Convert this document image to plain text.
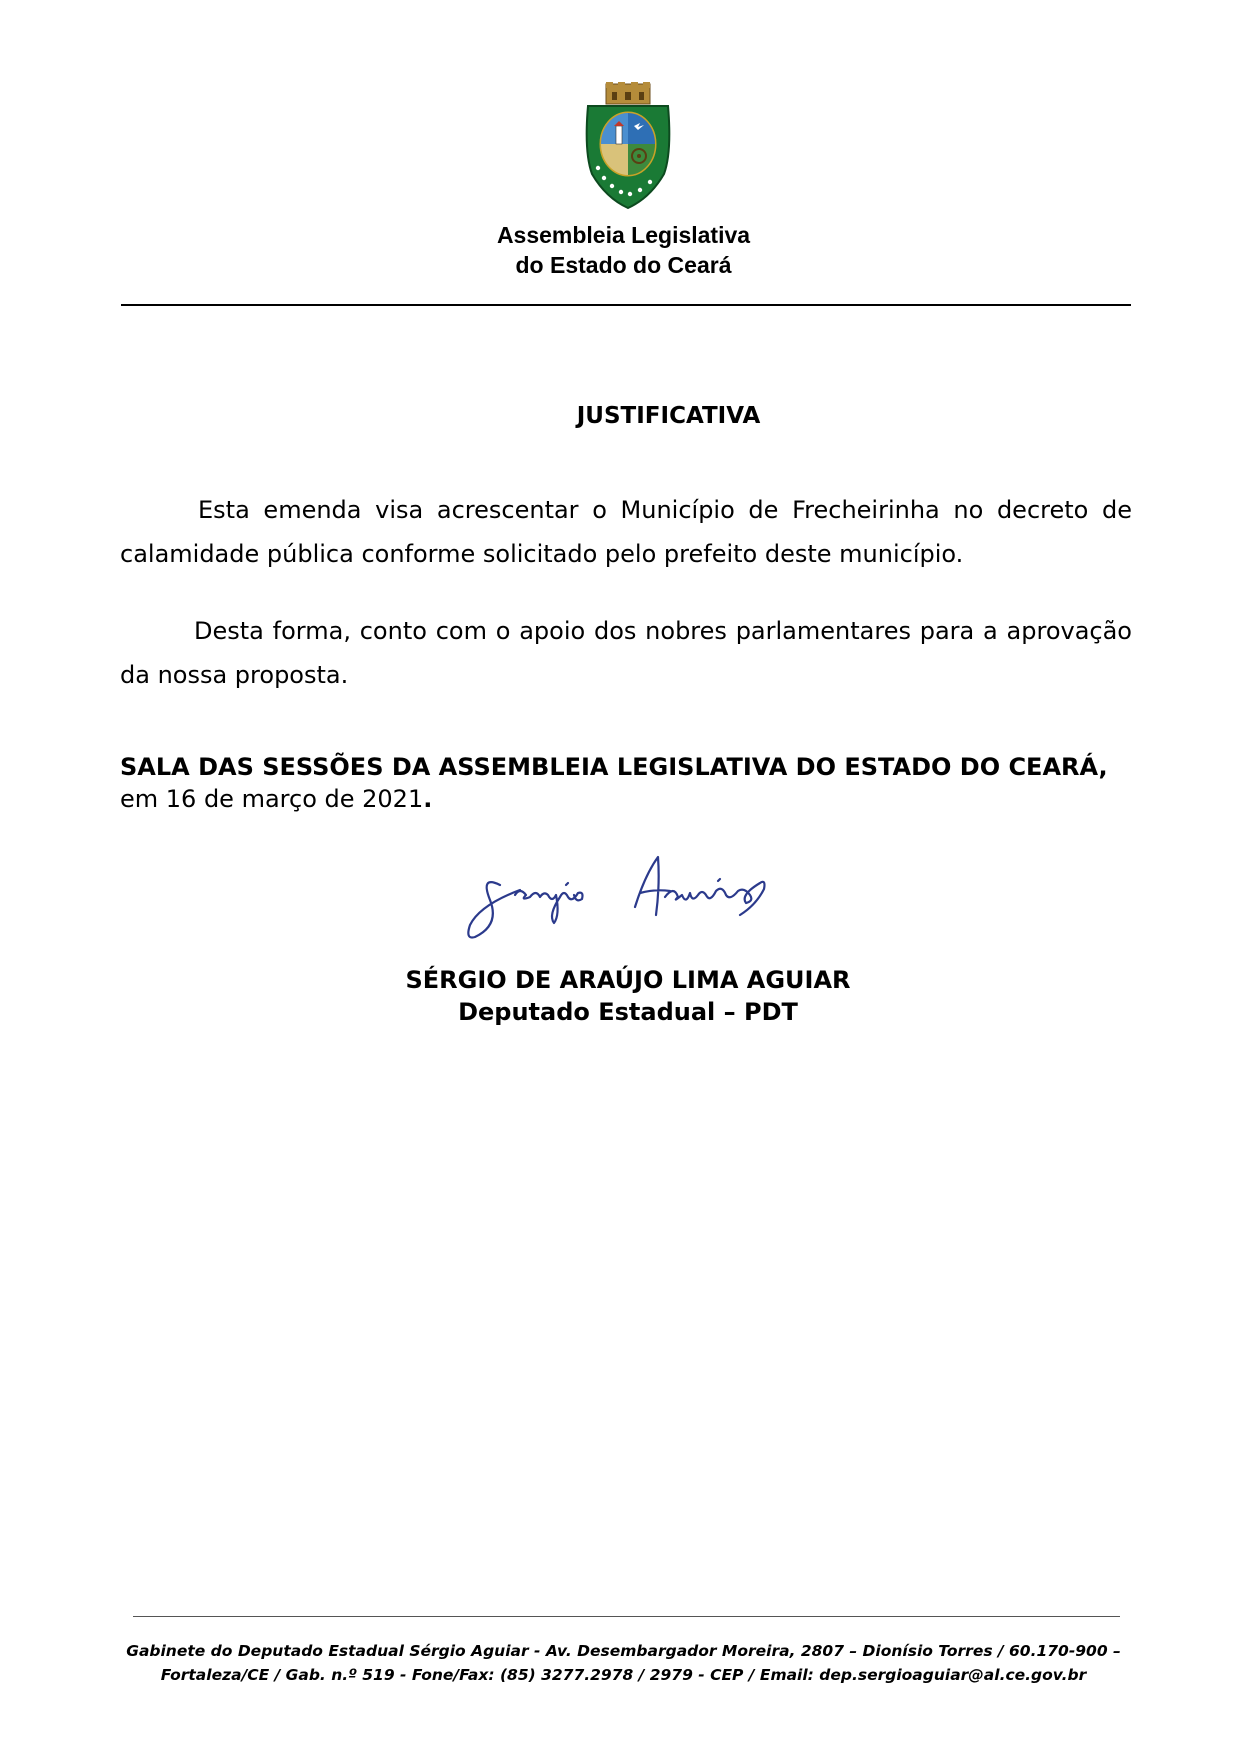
Assembleia Legislativa
do Estado do Ceará
JUSTIFICATIVA

Esta emenda visa acrescentar o Município de Frecheirinha no decreto de calamidade pública conforme solicitado pelo prefeito deste município.

Desta forma, conto com o apoio dos nobres parlamentares para a aprovação da nossa proposta.

SALA DAS SESSÕES DA ASSEMBLEIA LEGISLATIVA DO ESTADO DO CEARÁ, em 16 de março de 2021.

SÉRGIO DE ARAÚJO LIMA AGUIAR
Deputado Estadual – PDT
Gabinete do Deputado Estadual Sérgio Aguiar - Av. Desembargador Moreira, 2807 – Dionísio Torres / 60.170-900 –
Fortaleza/CE / Gab. n.º 519 - Fone/Fax: (85) 3277.2978 / 2979 - CEP / Email: dep.sergioaguiar@al.ce.gov.br
